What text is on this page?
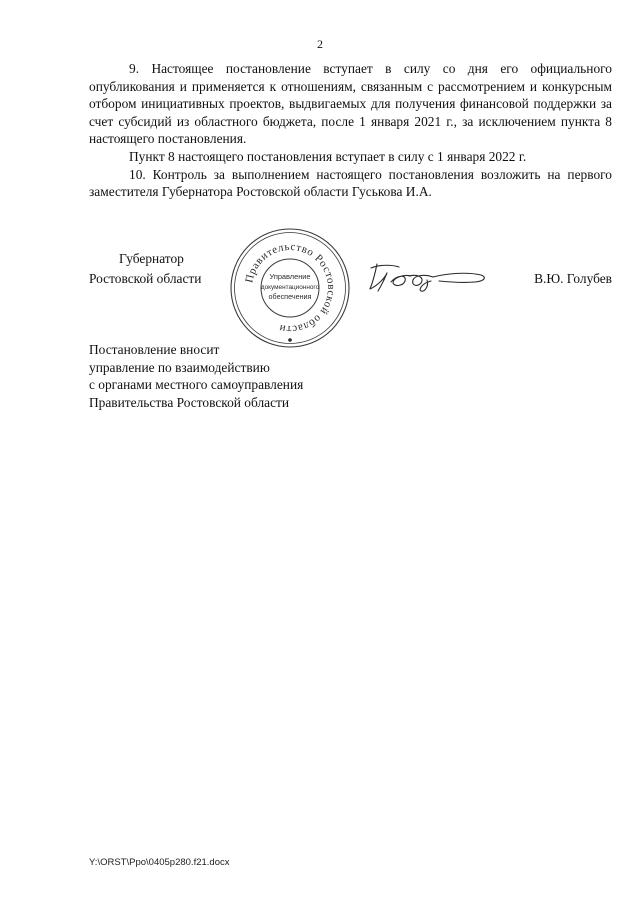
2

9. Настоящее постановление вступает в силу со дня его официального опубликования и применяется к отношениям, связанным с рассмотрением и конкурсным отбором инициативных проектов, выдвигаемых для получения финансовой поддержки за счет субсидий из областного бюджета, после 1 января 2021 г., за исключением пункта 8 настоящего постановления.

Пункт 8 настоящего постановления вступает в силу с 1 января 2022 г.

10. Контроль за выполнением настоящего постановления возложить на первого заместителя Губернатора Ростовской области Гуськова И.А.

Губернатор
Ростовской области	Правительство Ростовской области
Управление
документационного
обеспечения
В.Ю. Голубев
Постановление вносит
управление по взаимодействию
с органами местного самоуправления
Правительства Ростовской области
Y:\ORST\Ppo\0405p280.f21.docx
